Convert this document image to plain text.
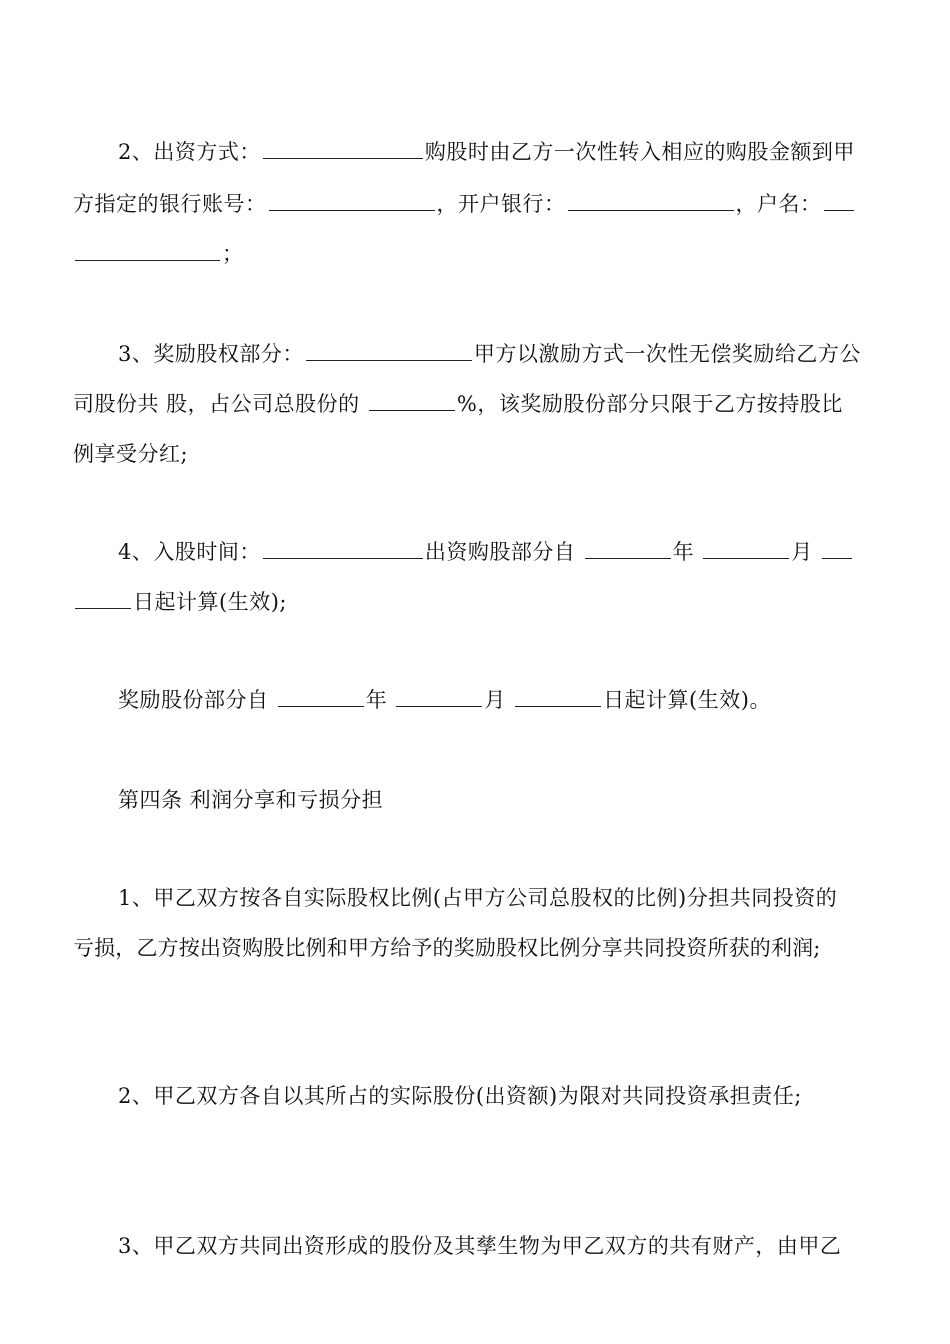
2、出资方式：	购股时由乙方一次性转入相应的购股金额到甲
方指定的银行账号：	，开户银行：	，户名：
；
3、奖励股权部分：	甲方以激励方式一次性无偿奖励给乙方公
司股份共 股，占公司总股份的	%，该奖励股份部分只限于乙方按持股比
例享受分红;
4、入股时间：	出资购股部分自	年	月
日起计算(生效);
奖励股份部分自	年	月	日起计算(生效)。
第四条 利润分享和亏损分担
1、甲乙双方按各自实际股权比例(占甲方公司总股权的比例)分担共同投资的
亏损，乙方按出资购股比例和甲方给予的奖励股权比例分享共同投资所获的利润;
2、甲乙双方各自以其所占的实际股份(出资额)为限对共同投资承担责任;
3、甲乙双方共同出资形成的股份及其孳生物为甲乙双方的共有财产，由甲乙
